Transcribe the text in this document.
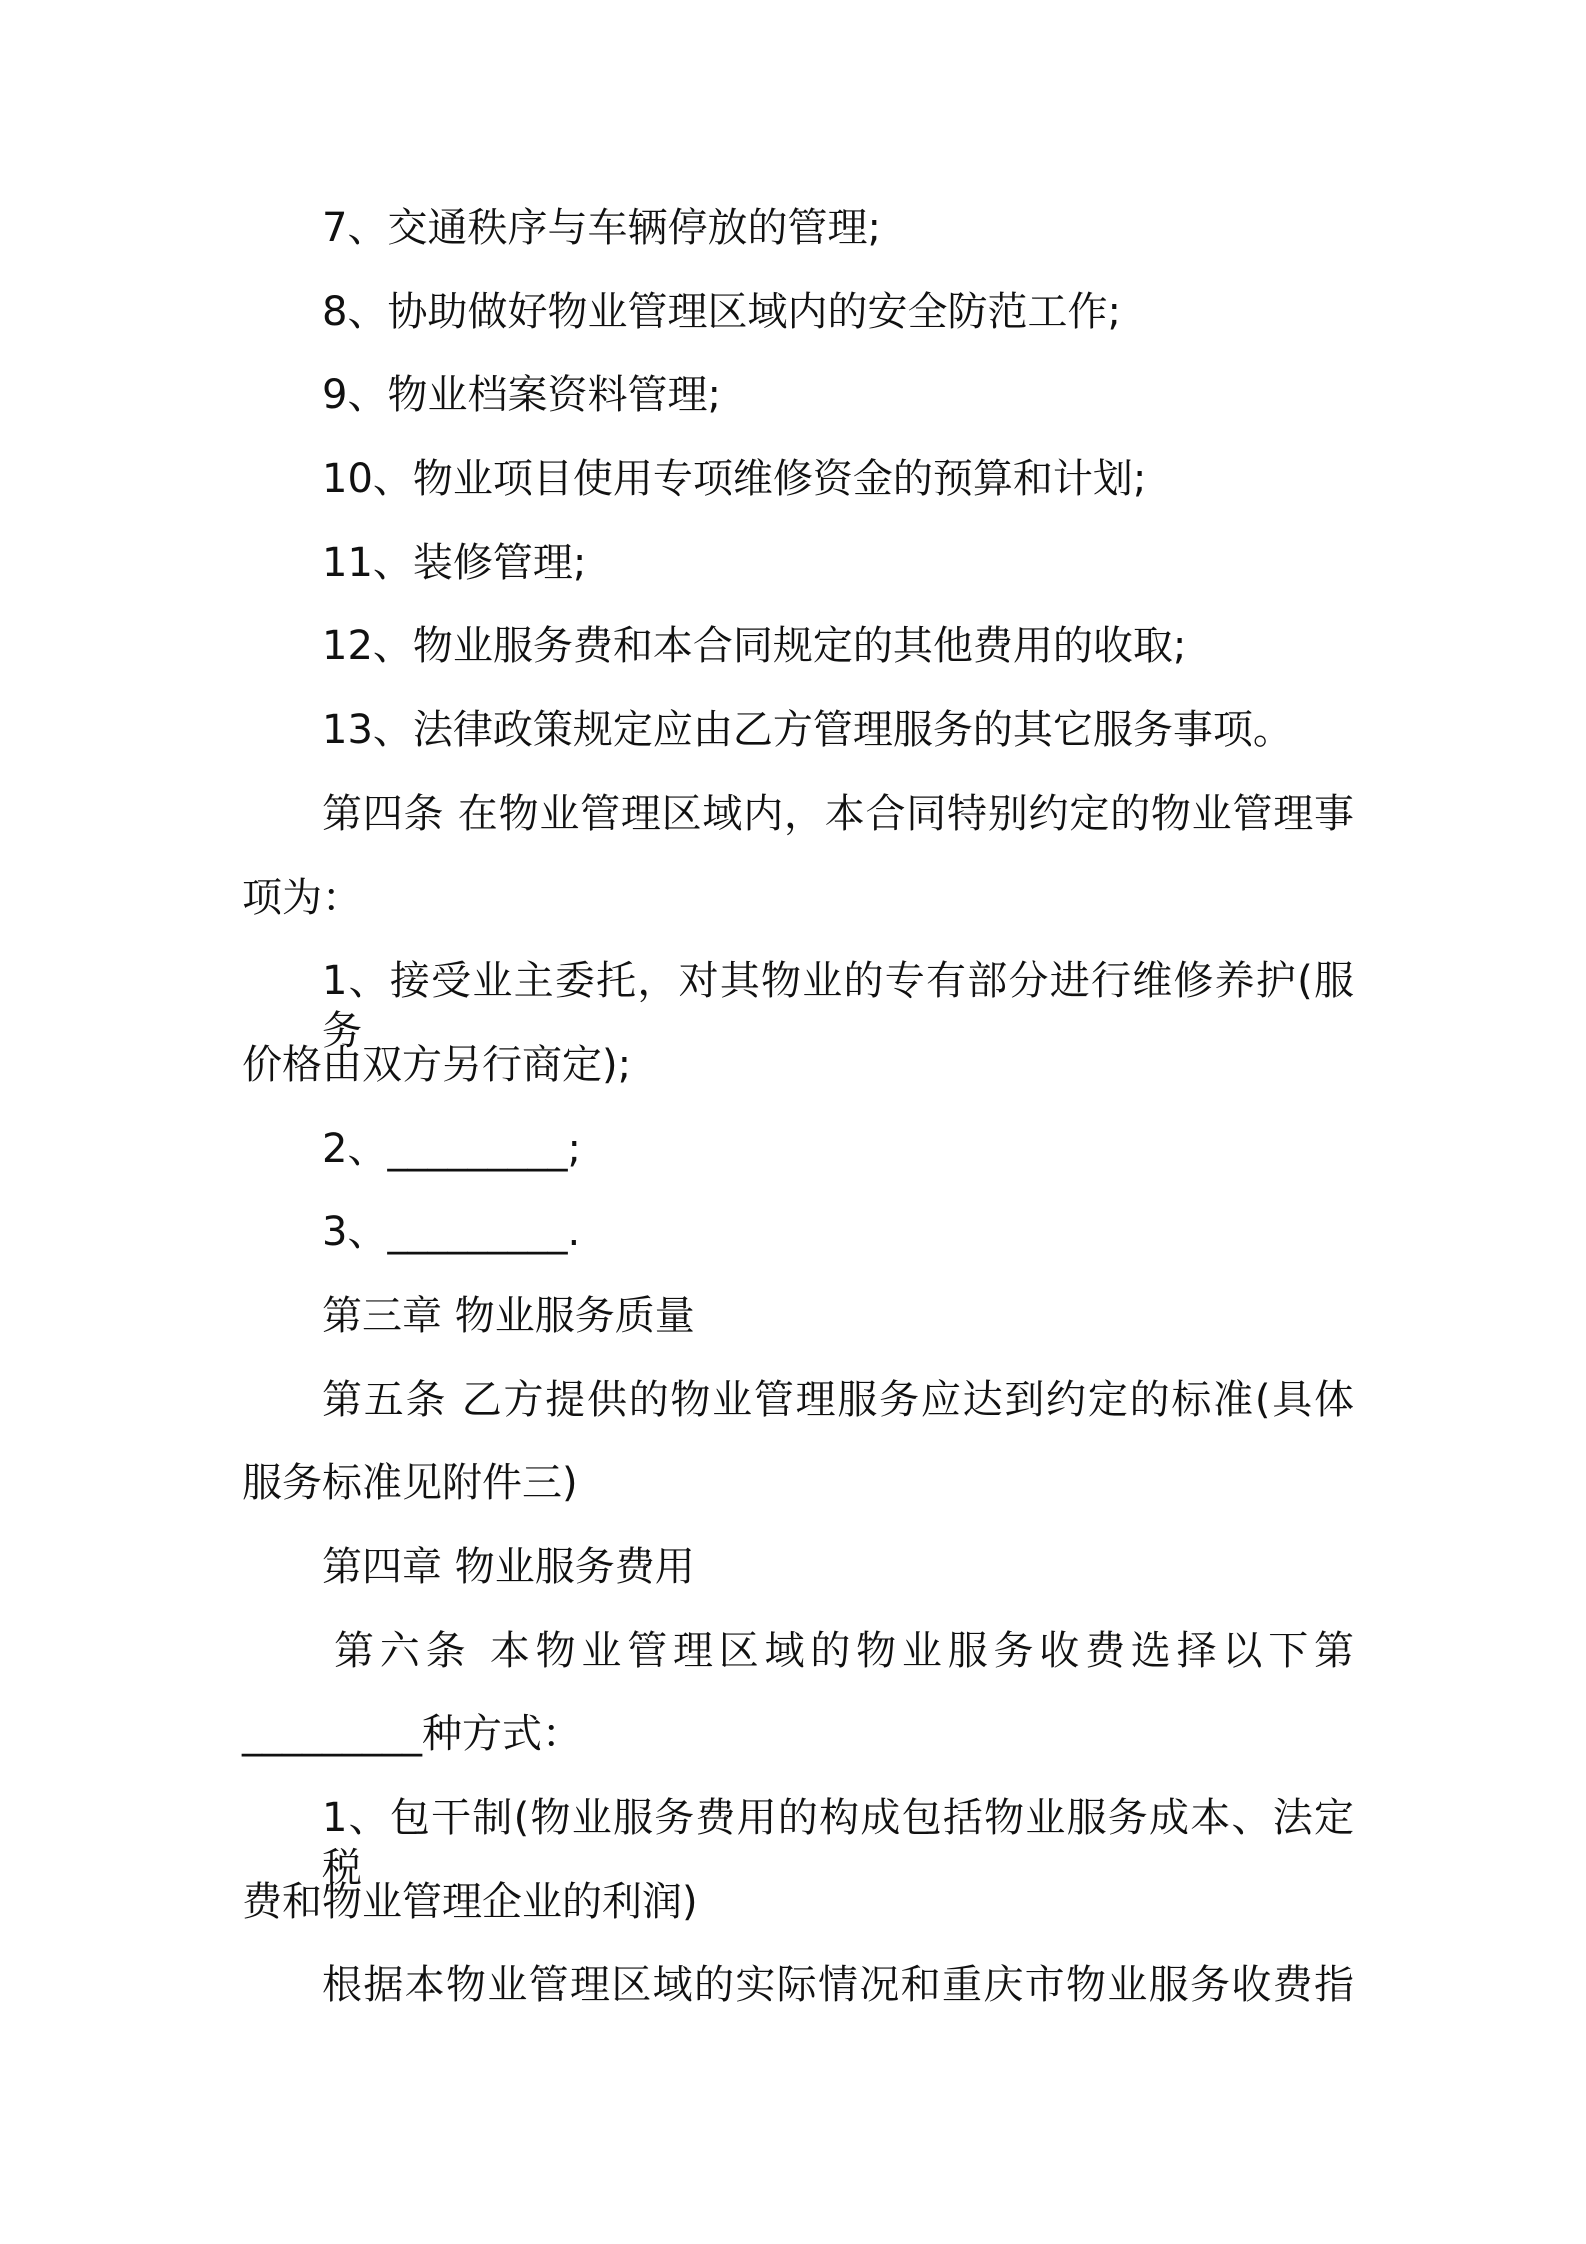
7、交通秩序与车辆停放的管理;

8、协助做好物业管理区域内的安全防范工作;

9、物业档案资料管理;

10、物业项目使用专项维修资金的预算和计划;

11、装修管理;

12、物业服务费和本合同规定的其他费用的收取;

13、法律政策规定应由乙方管理服务的其它服务事项。

第四条 在物业管理区域内，本合同特别约定的物业管理事

项为：

1、接受业主委托，对其物业的专有部分进行维修养护(服务

价格由双方另行商定);

2、_________;

3、_________.

第三章 物业服务质量

第五条 乙方提供的物业管理服务应达到约定的标准(具体

服务标准见附件三)

第四章 物业服务费用

第六条 本物业管理区域的物业服务收费选择以下第

_________种方式：

1、包干制(物业服务费用的构成包括物业服务成本、法定税

费和物业管理企业的利润)

根据本物业管理区域的实际情况和重庆市物业服务收费指
